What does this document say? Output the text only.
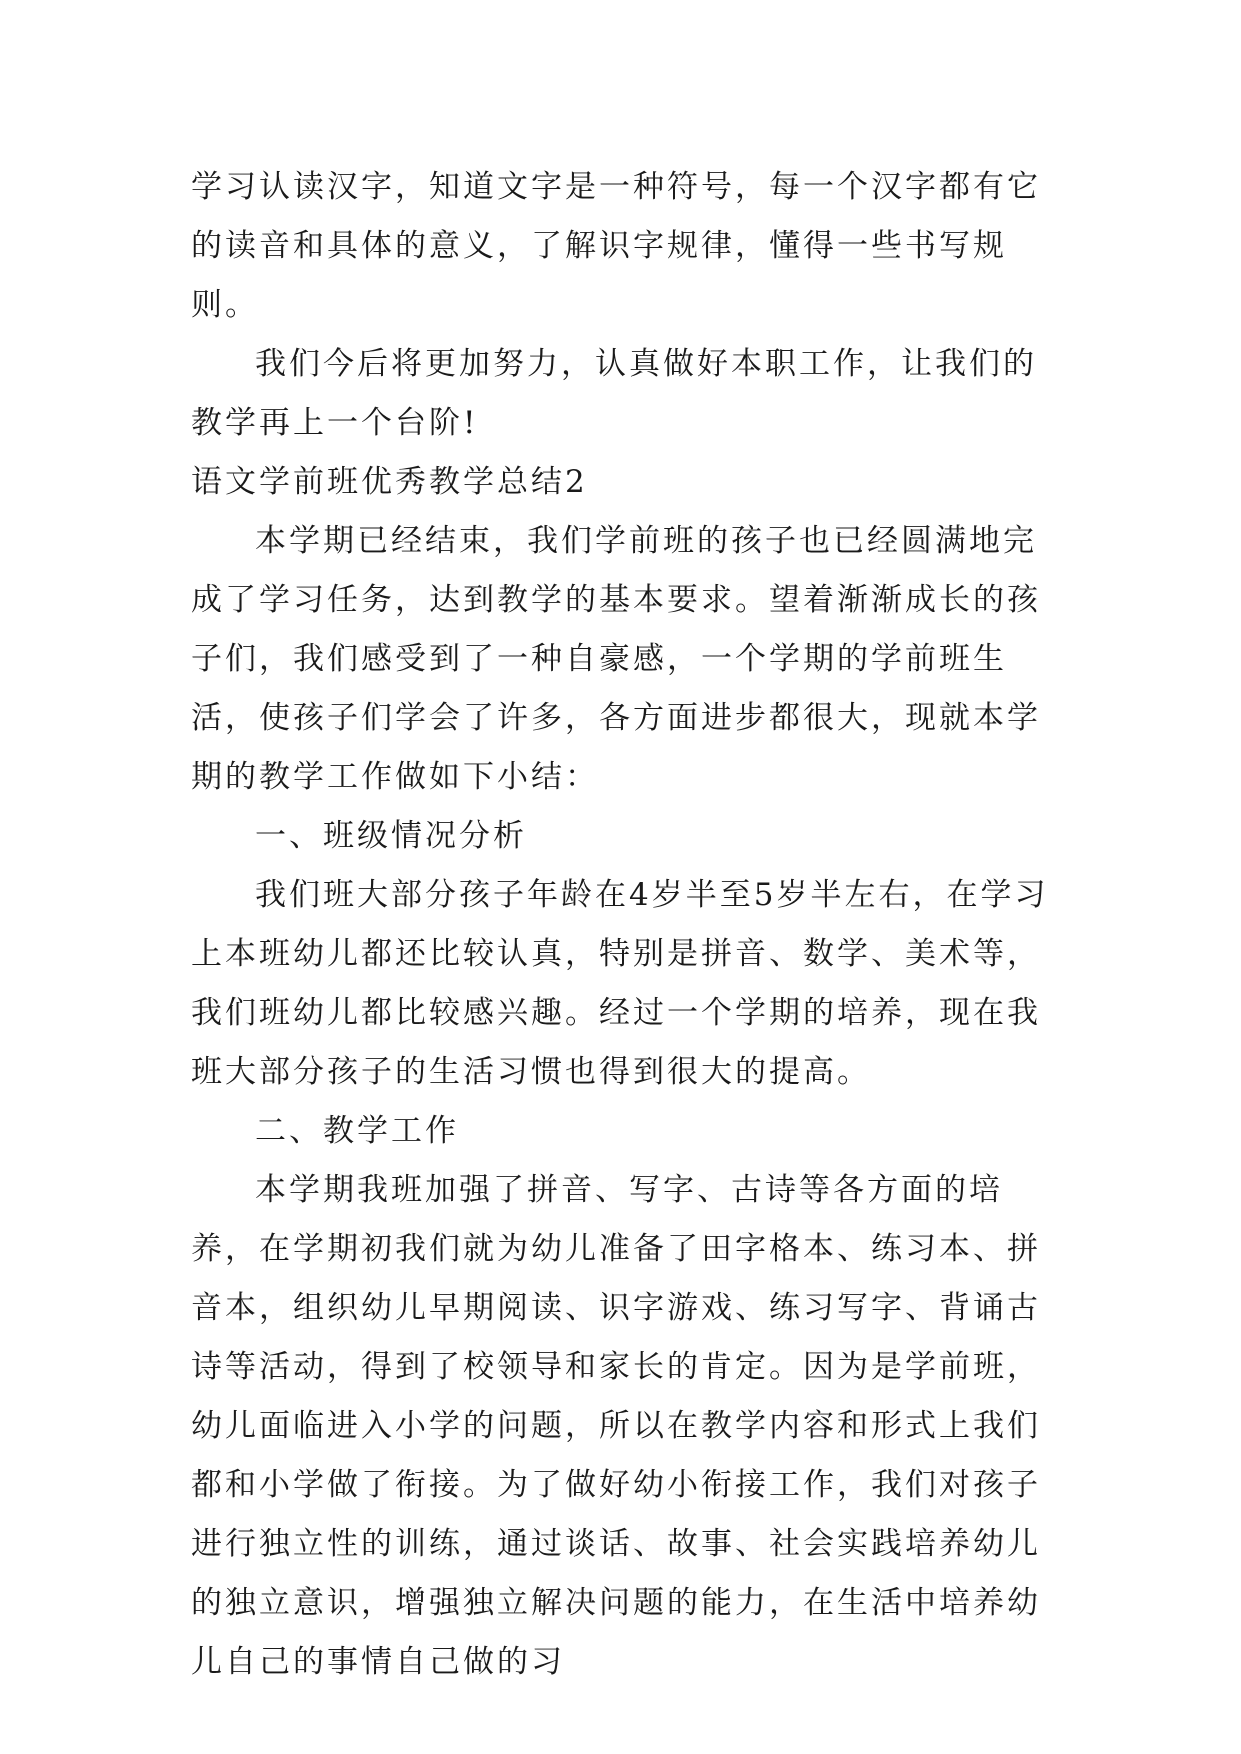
学习认读汉字，知道文字是一种符号，每一个汉字都有它的读音和具体的意义，了解识字规律，懂得一些书写规则。

我们今后将更加努力，认真做好本职工作，让我们的教学再上一个台阶!

语文学前班优秀教学总结2

本学期已经结束，我们学前班的孩子也已经圆满地完成了学习任务，达到教学的基本要求。望着渐渐成长的孩子们，我们感受到了一种自豪感，一个学期的学前班生活，使孩子们学会了许多，各方面进步都很大，现就本学期的教学工作做如下小结：

一、班级情况分析

我们班大部分孩子年龄在4岁半至5岁半左右，在学习上本班幼儿都还比较认真，特别是拼音、数学、美术等，我们班幼儿都比较感兴趣。经过一个学期的培养，现在我班大部分孩子的生活习惯也得到很大的提高。

二、教学工作

本学期我班加强了拼音、写字、古诗等各方面的培养，在学期初我们就为幼儿准备了田字格本、练习本、拼音本，组织幼儿早期阅读、识字游戏、练习写字、背诵古诗等活动，得到了校领导和家长的肯定。因为是学前班，幼儿面临进入小学的问题，所以在教学内容和形式上我们都和小学做了衔接。为了做好幼小衔接工作，我们对孩子进行独立性的训练，通过谈话、故事、社会实践培养幼儿的独立意识，增强独立解决问题的能力，在生活中培养幼儿自己的事情自己做的习
